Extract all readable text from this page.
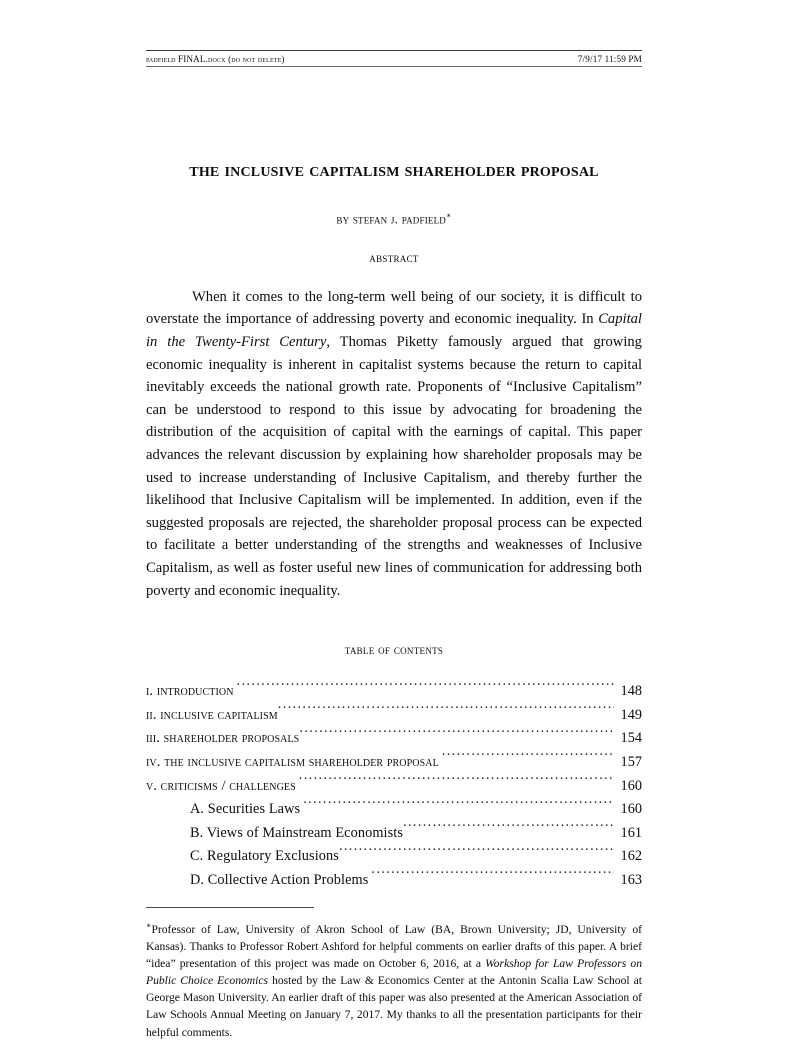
padfield FINAL.docx (do not delete)	7/9/17 11:59 PM
the inclusive capitalism shareholder proposal
by stefan j. padfield∗
abstract
When it comes to the long-term well being of our society, it is difficult to overstate the importance of addressing poverty and economic inequality. In Capital in the Twenty-First Century, Thomas Piketty famously argued that growing economic inequality is inherent in capitalist systems because the return to capital inevitably exceeds the national growth rate. Proponents of “Inclusive Capitalism” can be understood to respond to this issue by advocating for broadening the distribution of the acquisition of capital with the earnings of capital. This paper advances the relevant discussion by explaining how shareholder proposals may be used to increase understanding of Inclusive Capitalism, and thereby further the likelihood that Inclusive Capitalism will be implemented. In addition, even if the suggested proposals are rejected, the shareholder proposal process can be expected to facilitate a better understanding of the strengths and weaknesses of Inclusive Capitalism, as well as foster useful new lines of communication for addressing both poverty and economic inequality.
table of contents
i. introduction .....	148
ii. inclusive capitalism .....	149
iii. shareholder proposals .....	154
iv. the inclusive capitalism shareholder proposal .....	157
v. criticisms / challenges .....	160
A. Securities Laws .....	160
B. Views of Mainstream Economists .....	161
C. Regulatory Exclusions .....	162
D. Collective Action Problems .....	163
∗Professor of Law, University of Akron School of Law (BA, Brown University; JD, University of Kansas). Thanks to Professor Robert Ashford for helpful comments on earlier drafts of this paper. A brief “idea” presentation of this project was made on October 6, 2016, at a Workshop for Law Professors on Public Choice Economics hosted by the Law & Economics Center at the Antonin Scalia Law School at George Mason University. An earlier draft of this paper was also presented at the American Association of Law Schools Annual Meeting on January 7, 2017. My thanks to all the presentation participants for their helpful comments.
